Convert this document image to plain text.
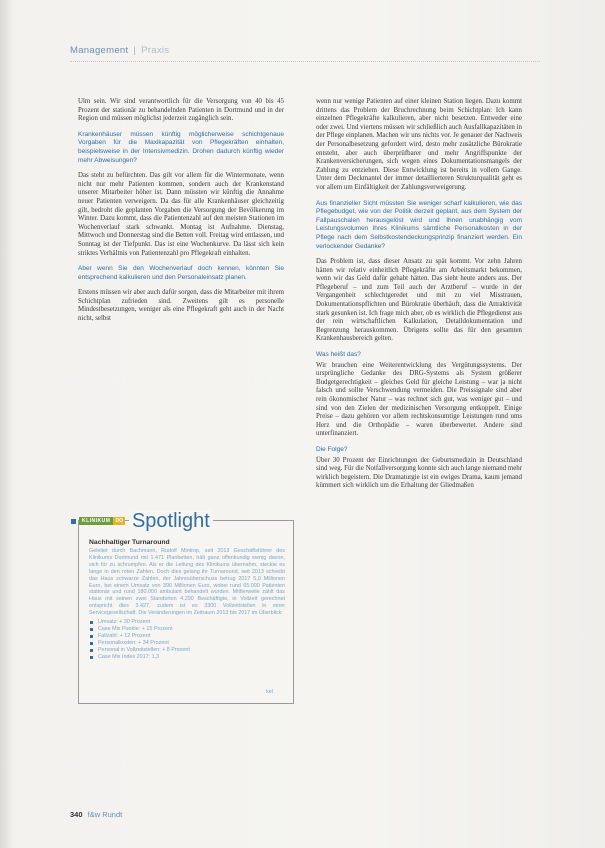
Management | Praxis

Ulm sein. Wir sind verantwortlich für die Versorgung von 40 bis 45 Prozent der stationär zu behandelnden Patienten in Dortmund und in der Region und müssen möglichst jederzeit zugänglich sein.

Krankenhäuser müssen künftig möglicherweise schichtgenaue Vorgaben für die Maxikapazität von Pflegekräften einhalten, beispielsweise in der Intensivmedizin. Drohen dadurch künftig wieder mehr Abweisungen?

Das steht zu befürchten. Das gilt vor allem für die Wintermonate, wenn nicht nur mehr Patienten kommen, sondern auch der Krankenstand unserer Mitarbeiter höher ist. Dann müssten wir künftig die Annahme neuer Patienten verweigern. Da das für alle Krankenhäuser gleichzeitig gilt, bedroht die geplanten Vorgaben die Versorgung der Bevölkerung im Winter. Dazu kommt, dass die Patientenzahl auf den meisten Stationen im Wochenverlauf stark schwankt. Montag ist Aufnahme. Dienstag, Mittwoch und Donnerstag sind die Betten voll. Freitag wird entlassen, und Sonntag ist der Tiefpunkt. Das ist eine Wochenkurve. Da lässt sich kein striktes Verhältnis von Patientenzahl pro Pflegekraft einhalten.

Aber wenn Sie den Wochenverlauf doch kennen, könnten Sie entsprechend kalkulieren und den Personaleinsatz planen.

Erstens müssen wir aber auch dafür sorgen, dass die Mitarbeiter mit ihrem Schichtplan zufrieden sind. Zweitens gilt es personelle Mindestbesetzungen, weniger als eine Pflegekraft geht auch in der Nacht nicht, selbst

wenn nur wenige Patienten auf einer kleinen Station liegen. Dazu kommt drittens das Problem der Bruchrechnung beim Schichtplan: Ich kann einzelnen Pflegekräfte kalkulieren, aber nicht besetzen. Entweder eine oder zwei. Und viertens müssen wir schließlich auch Ausfallkapazitäten in der Pflege einplanen. Machen wir uns nichts vor. Je genauer der Nachweis der Personalbesetzung gefordert wird, desto mehr zusätzliche Bürokratie entsteht, aber auch überprüfbarer und mehr Angriffspunkte der Krankenversicherungen, sich wegen eines Dokumentationsmangels der Zahlung zu entziehen. Diese Entwicklung ist bereits in vollem Gange. Unter dem Deckmantel der immer detaillierteren Strukturqualität geht es vor allem um Einfältigkeit der Zahlungsverweigerung.

Aus finanzieller Sicht müssten Sie weniger scharf kalkulieren, wie das Pflegebudget, wie von der Politik derzeit geplant, aus dem System der Fallpauschalen herausgelöst wird und Ihnen unabhängig vom Leistungsvolumen Ihres Klinikums sämtliche Personalkosten in der Pflege nach dem Selbstkostendeckungsprinzip finanziert werden. Ein verlockender Gedanke?

Das Problem ist, dass dieser Ansatz zu spät kommt. Vor zehn Jahren hätten wir relativ einheitlich Pflegekräfte am Arbeitsmarkt bekommen, wenn wir das Geld dafür gehabt hätten. Das sieht heute anders aus. Der Pflegeberuf – und zum Teil auch der Arztberuf – wurde in der Vergangenheit schlechtgeredet und mit zu viel Misstrauen, Dokumentationspflichten und Bürokratie überhäuft, dass die Attraktivität stark gesunken ist. Ich frage mich aber, ob es wirklich die Pflegedienst aus der rein wirtschaftlichen Kalkulation, Detaildokumentation und Begrenzung herauskommen. Übrigens sollte das für den gesamten Krankenhausbereich gelten.

Was heißt das?

Wir brauchen eine Weiterentwicklung des Vergütungssystems. Der ursprüngliche Gedanke des DRG-Systems als System größerer Budgetgerechtigkeit – gleiches Geld für gleiche Leistung – war ja nicht falsch und sollte Verschwendung vermeiden. Die Preissignale sind aber rein ökonomischer Natur – was rechnet sich gut, was weniger gut – und sind von den Zielen der medizinischen Versorgung entkoppelt. Einige Preise – dazu gehören vor allem rechtskonsumtige Leistungen rund ums Herz und die Orthopädie – waren überbewertet. Andere sind unterfinanziert.

Die Folge?

Über 30 Prozent der Einrichtungen der Geburtsmedizin in Deutschland sind weg. Für die Notfallversorgung konnte sich auch lange niemand mehr wirklich begeistern. Die Dramaturgie ist ein ewiges Drama, kaum jemand kümmert sich wirklich um die Erhaltung der Gliedmaßen

KLINIKUM	DO Spotlight
Nachhaltiger Turnaround
Geleitet durch Bachmann, Rudolf Mintrop, seit 2013 Geschäftsführer des Klinikums Dortmund mit 1.471 Planbetten, hält ganz offenkundig wenig davon, sich für zu schrumpfen. Als er die Leitung des Klinikums übernahm, steckte es lange in den roten Zahlen. Doch dies gelang ihr Turnaround, seit 2013 schreibt das Haus schwarze Zahlen, der Jahresüberschuss betrug 2017 5,0 Millionen Euro, bei einem Umsatz von 390 Millionen Euro, wobei rund 65.000 Patienten stationär und rund 180.000 ambulant behandelt wurden. Mittlerweile zählt das Haus mit seinen zwei Standorten 4.290 Beschäftigte, in Vollzeit gerechnet entspricht dies 3.427, zudem ist es 3300 Vollzeitstellen in einer Servicegesellschaft. Die Veränderungen im Zeitraum 2013 bis 2017 im Überblick:
Umsatz: + 30 Prozent
Case Mix Punkte: + 15 Prozent
Fallzahl: + 12 Prozent
Personalkosten: + 34 Prozent
Personal in Vollzeitstellen: + 8 Prozent
Case Mix Index 2017: 1,3
kel
340 f&w Rundt
